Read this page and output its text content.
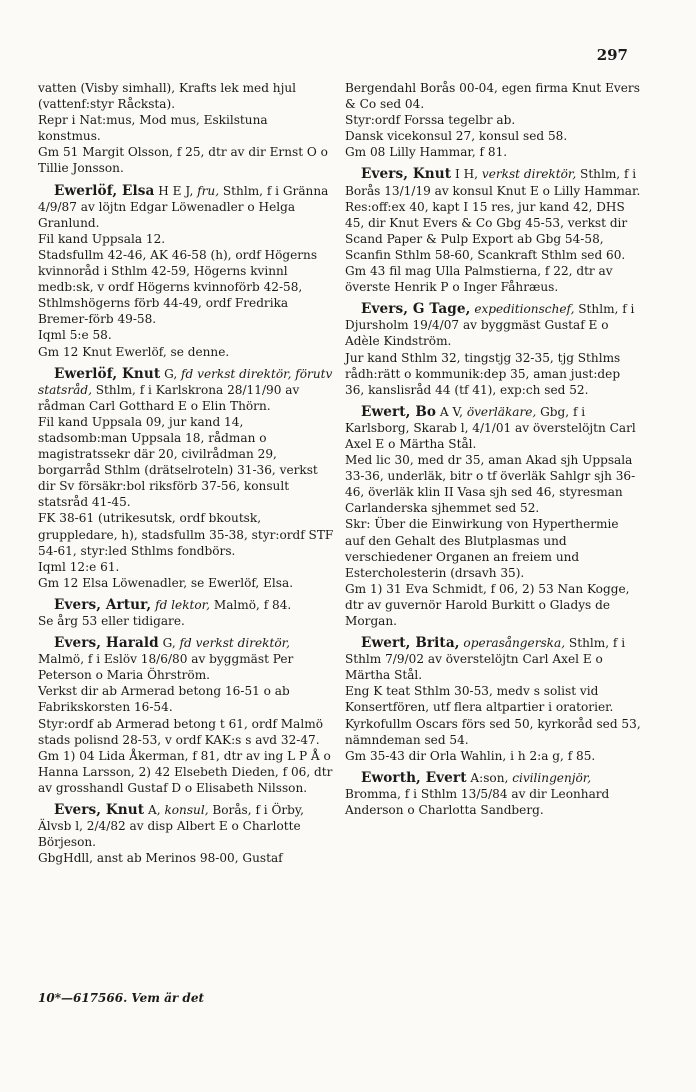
297

vatten (Visby simhall), Krafts lek med hjul (vattenf:styr Råcksta).

Repr i Nat:mus, Mod mus, Eskilstuna konstmus.

Gm 51 Margit Olsson, f 25, dtr av dir Ernst O o Tillie Jonsson.

Ewerlöf, Elsa H E J, fru, Sthlm, f i Gränna 4/9/87 av löjtn Edgar Löwenadler o Helga Granlund.

Fil kand Uppsala 12.

Stadsfullm 42-46, AK 46-58 (h), ordf Högerns kvinnoråd i Sthlm 42-59, Högerns kvinnl medb:sk, v ordf Högerns kvinnoförb 42-58, Sthlmshögerns förb 44-49, ordf Fredrika Bremer-förb 49-58.

Iqml 5:e 58.

Gm 12 Knut Ewerlöf, se denne.

Ewerlöf, Knut G, fd verkst direktör, förutv statsråd, Sthlm, f i Karlskrona 28/11/90 av rådman Carl Gotthard E o Elin Thörn.

Fil kand Uppsala 09, jur kand 14, stadsomb:man Uppsala 18, rådman o magistratssekr där 20, civilrådman 29, borgarråd Sthlm (drätselroteln) 31-36, verkst dir Sv försäkr:bol riksförb 37-56, konsult statsråd 41-45.

FK 38-61 (utrikesutsk, ordf bkoutsk, gruppledare, h), stadsfullm 35-38, styr:ordf STF 54-61, styr:led Sthlms fondbörs.

Iqml 12:e 61.

Gm 12 Elsa Löwenadler, se Ewerlöf, Elsa.

Evers, Artur, fd lektor, Malmö, f 84.

Se årg 53 eller tidigare.

Evers, Harald G, fd verkst direktör, Malmö, f i Eslöv 18/6/80 av byggmäst Per Peterson o Maria Öhrström.

Verkst dir ab Armerad betong 16-51 o ab Fabrikskorsten 16-54.

Styr:ordf ab Armerad betong t 61, ordf Malmö stads polisnd 28-53, v ordf KAK:s s avd 32-47.

Gm 1) 04 Lida Åkerman, f 81, dtr av ing L P Å o Hanna Larsson, 2) 42 Elsebeth Dieden, f 06, dtr av grosshandl Gustaf D o Elisabeth Nilsson.

Evers, Knut A, konsul, Borås, f i Örby, Älvsb l, 2/4/82 av disp Albert E o Charlotte Börjeson.

GbgHdll, anst ab Merinos 98-00, Gustaf

Bergendahl Borås 00-04, egen firma Knut Evers & Co sed 04.

Styr:ordf Forssa tegelbr ab.

Dansk vicekonsul 27, konsul sed 58.

Gm 08 Lilly Hammar, f 81.

Evers, Knut I H, verkst direktör, Sthlm, f i Borås 13/1/19 av konsul Knut E o Lilly Hammar.

Res:off:ex 40, kapt I 15 res, jur kand 42, DHS 45, dir Knut Evers & Co Gbg 45-53, verkst dir Scand Paper & Pulp Export ab Gbg 54-58, Scanfin Sthlm 58-60, Scankraft Sthlm sed 60.

Gm 43 fil mag Ulla Palmstierna, f 22, dtr av överste Henrik P o Inger Fåhræus.

Evers, G Tage, expeditionschef, Sthlm, f i Djursholm 19/4/07 av byggmäst Gustaf E o Adèle Kindström.

Jur kand Sthlm 32, tingstjg 32-35, tjg Sthlms rådh:rätt o kommunik:dep 35, aman just:dep 36, kanslisråd 44 (tf 41), exp:ch sed 52.

Ewert, Bo A V, överläkare, Gbg, f i Karlsborg, Skarab l, 4/1/01 av överstelöjtn Carl Axel E o Märtha Stål.

Med lic 30, med dr 35, aman Akad sjh Uppsala 33-36, underläk, bitr o tf överläk Sahlgr sjh 36-46, överläk klin II Vasa sjh sed 46, styresman Carlanderska sjhemmet sed 52.

Skr: Über die Einwirkung von Hyperthermie auf den Gehalt des Blutplasmas und verschiedener Organen an freiem und Estercholesterin (drsavh 35).

Gm 1) 31 Eva Schmidt, f 06, 2) 53 Nan Kogge, dtr av guvernör Harold Burkitt o Gladys de Morgan.

Ewert, Brita, operasångerska, Sthlm, f i Sthlm 7/9/02 av överstelöjtn Carl Axel E o Märtha Stål.

Eng K teat Sthlm 30-53, medv s solist vid Konsertfören, utf flera altpartier i oratorier.

Kyrkofullm Oscars förs sed 50, kyrkoråd sed 53, nämndeman sed 54.

Gm 35-43 dir Orla Wahlin, i h 2:a g, f 85.

Eworth, Evert A:son, civilingenjör, Bromma, f i Sthlm 13/5/84 av dir Leonhard Anderson o Charlotta Sandberg.

10*—617566. Vem är det
